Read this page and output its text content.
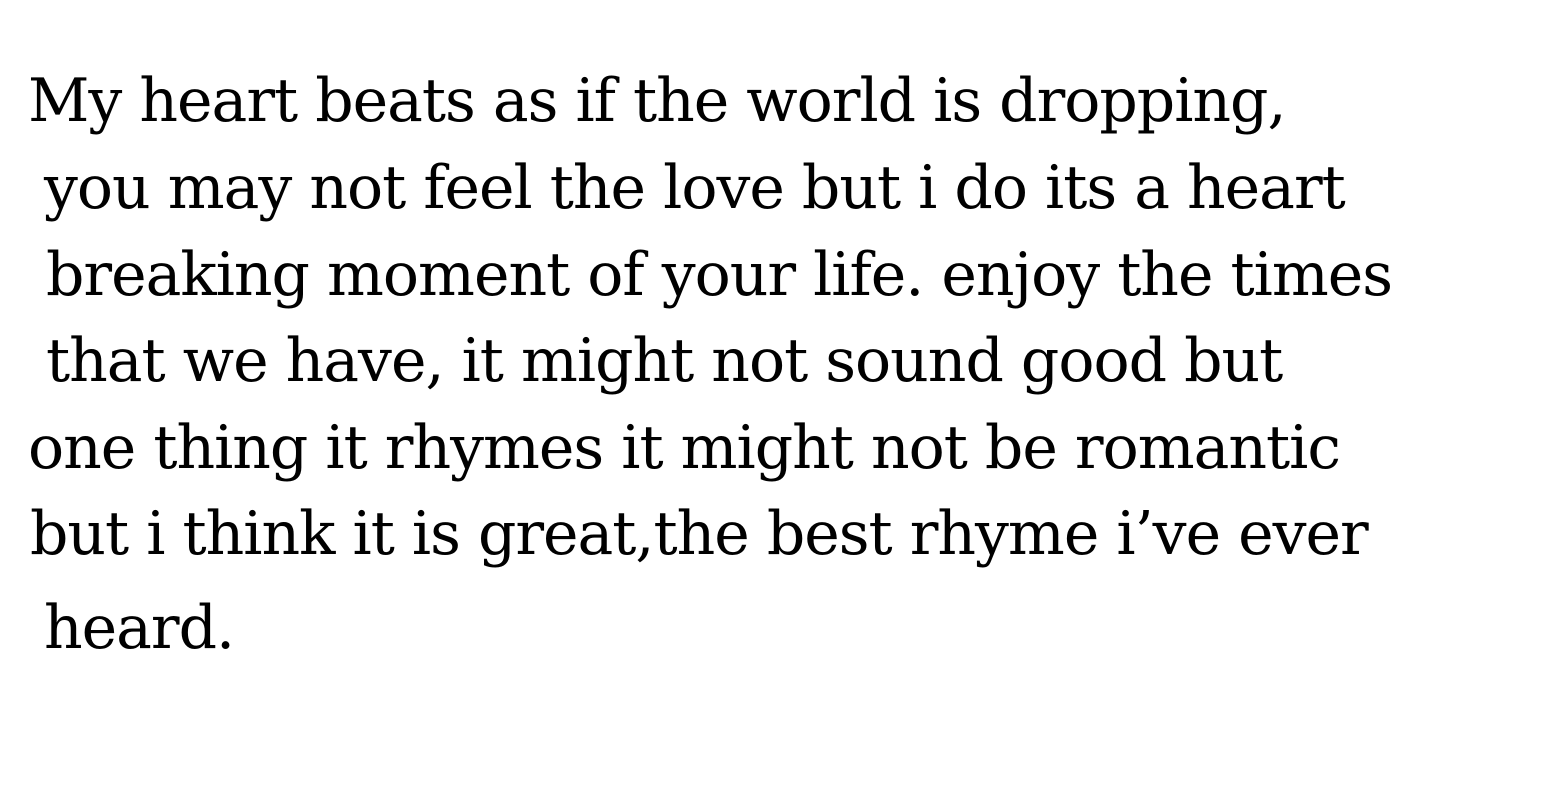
My heart beats as if the world is dropping,
you may not feel the love but i do its a heart
breaking moment of your life. enjoy the times
that we have, it might not sound good but
one thing it rhymes it might not be romantic
but i think it is great,the best rhyme i’ve ever
heard.
